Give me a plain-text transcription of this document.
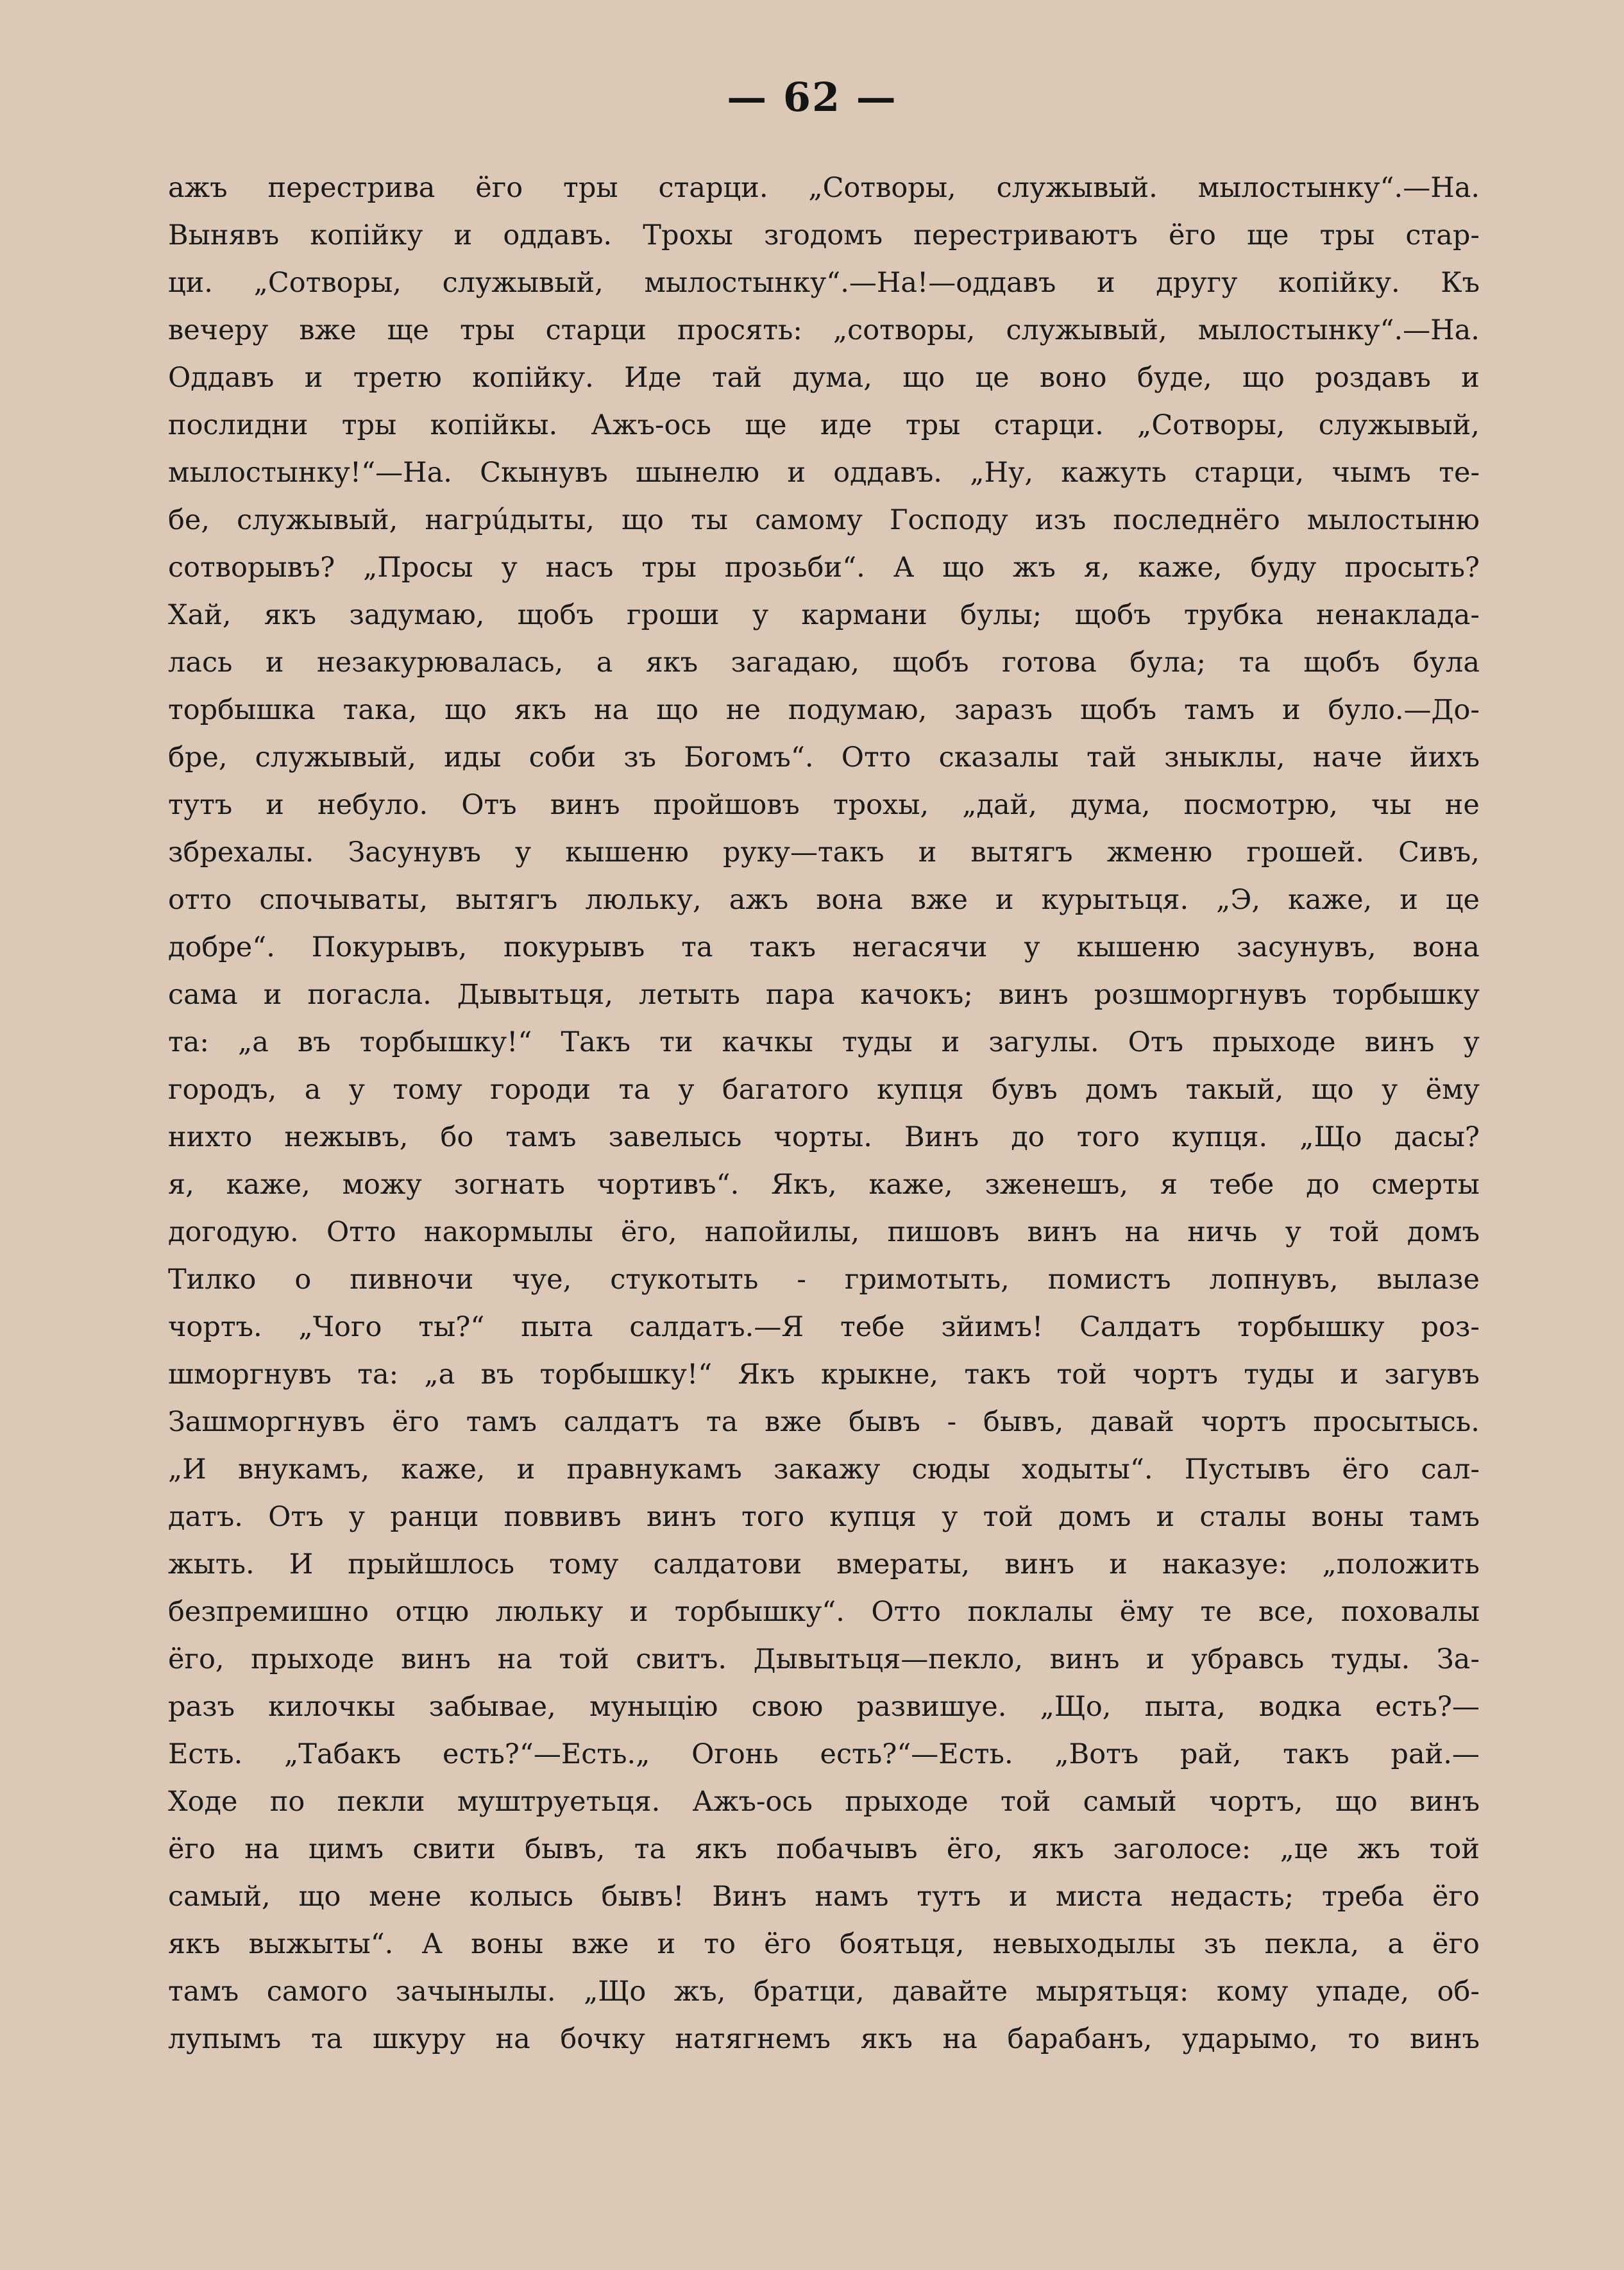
— 62 —
ажъ перестрива ёго тры старци. „Сотворы, служывый. мылостынку“.—На.
Вынявъ копійку и оддавъ. Трохы згодомъ перестриваютъ ёго ще тры стар-
ци. „Сотворы, служывый, мылостынку“.—На!—оддавъ и другу копійку. Къ
вечеру вже ще тры старци просять: „сотворы, служывый, мылостынку“.—На.
Оддавъ и третю копійку. Иде тай дума, що це воно буде, що роздавъ и
послидни тры копійкы. Ажъ-ось ще иде тры старци. „Сотворы, служывый,
мылостынку!“—На. Скынувъ шынелю и оддавъ. „Ну, кажуть старци, чымъ те-
бе, служывый, нагрúдыты, що ты самому Господу изъ последнёго мылостыню
сотворывъ? „Просы у насъ тры прозьби“. А що жъ я, каже, буду просыть?
Хай, якъ задумаю, щобъ гроши у кармани булы; щобъ трубка ненаклада-
лась и незакурювалась, а якъ загадаю, щобъ готова була; та щобъ була
торбышка така, що якъ на що не подумаю, заразъ щобъ тамъ и було.—До-
бре, служывый, иды соби зъ Богомъ“. Отто сказалы тай зныклы, наче йихъ
тутъ и небуло. Отъ винъ пройшовъ трохы, „дай, дума, посмотрю, чы не
збрехалы. Засунувъ у кышеню руку—такъ и вытягъ жменю грошей. Сивъ,
отто спочываты, вытягъ люльку, ажъ вона вже и курытьця. „Э, каже, и це
добре“. Покурывъ, покурывъ та такъ негасячи у кышеню засунувъ, вона
сама и погасла. Дывытьця, летыть пара качокъ; винъ розшморгнувъ торбышку
та: „а въ торбышку!“ Такъ ти качкы туды и загулы. Отъ прыходе винъ у
городъ, а у тому городи та у багатого купця бувъ домъ такый, що у ёму
нихто нежывъ, бо тамъ завелысь чорты. Винъ до того купця. „Що дасы?
я, каже, можу зогнать чортивъ“. Якъ, каже, зженешъ, я тебе до смерты
догодую. Отто накормылы ёго, напойилы, пишовъ винъ на ничь у той домъ
Тилко о пивночи чуе, стукотыть - гримотыть, помистъ лопнувъ, вылазе
чортъ. „Чого ты?“ пыта салдатъ.—Я тебе зйимъ! Салдатъ торбышку роз-
шморгнувъ та: „а въ торбышку!“ Якъ крыкне, такъ той чортъ туды и загувъ
Зашморгнувъ ёго тамъ салдатъ та вже бывъ - бывъ, давай чортъ просытысь.
„И внукамъ, каже, и правнукамъ закажу сюды ходыты“. Пустывъ ёго сал-
датъ. Отъ у ранци поввивъ винъ того купця у той домъ и сталы воны тамъ
жыть. И прыйшлось тому салдатови вмераты, винъ и наказуе: „положить
безпремишно отцю люльку и торбышку“. Отто поклалы ёму те все, поховалы
ёго, прыходе винъ на той свитъ. Дывытьця—пекло, винъ и убравсь туды. За-
разъ килочкы забывае, муныцію свою развишуе. „Що, пыта, водка есть?—
Есть. „Табакъ есть?“—Есть.„ Огонь есть?“—Есть. „Вотъ рай, такъ рай.—
Ходе по пекли муштруетьця. Ажъ-ось прыходе той самый чортъ, що винъ
ёго на цимъ свити бывъ, та якъ побачывъ ёго, якъ заголосе: „це жъ той
самый, що мене колысь бывъ! Винъ намъ тутъ и миста недасть; треба ёго
якъ выжыты“. А воны вже и то ёго боятьця, невыходылы зъ пекла, а ёго
тамъ самого зачынылы. „Що жъ, братци, давайте мырятьця: кому упаде, об-
лупымъ та шкуру на бочку натягнемъ якъ на барабанъ, ударымо, то винъ
